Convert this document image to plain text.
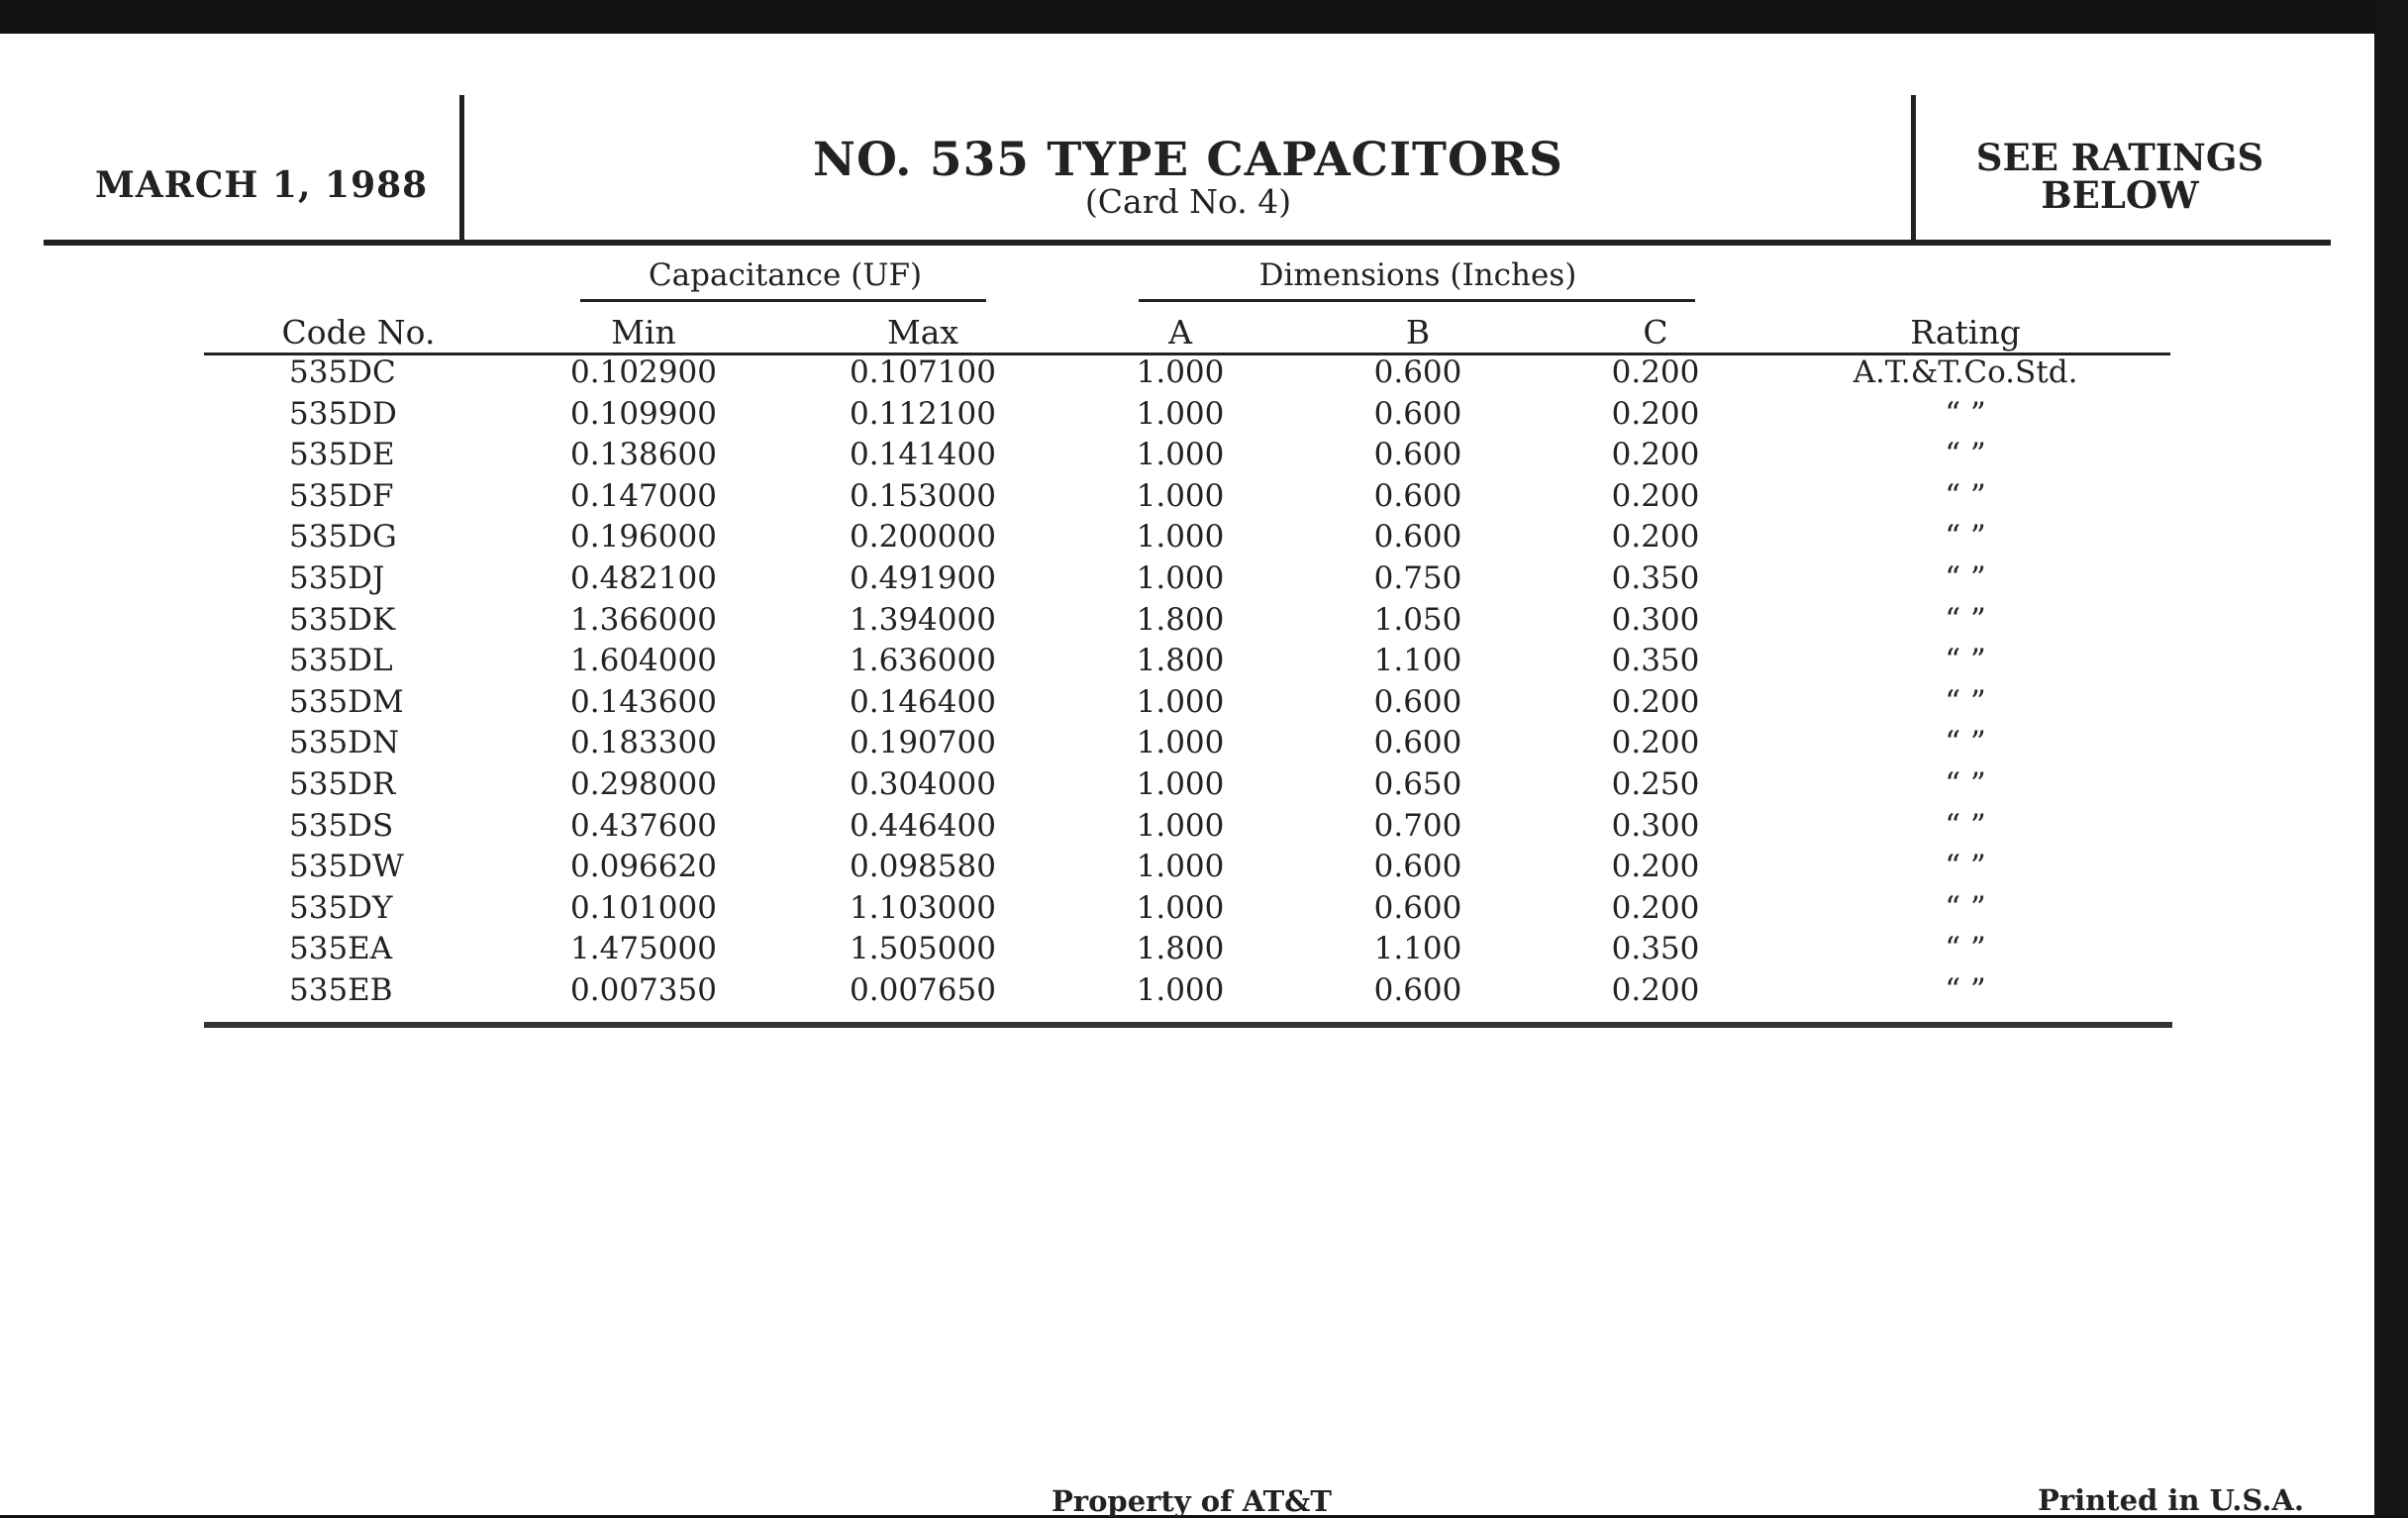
MARCH 1, 1988	NO. 535 TYPE CAPACITORS
(Card No. 4)
SEE RATINGS
BELOW
Capacitance (UF)	Dimensions (Inches)
Code No.	Min	Max	A	B	C	Rating
535DC	0.102900	0.107100	1.000	0.600	0.200	A.T.&T.Co.Std.
535DD	0.109900	0.112100	1.000	0.600	0.200	“ ”
535DE	0.138600	0.141400	1.000	0.600	0.200	“ ”
535DF	0.147000	0.153000	1.000	0.600	0.200	“ ”
535DG	0.196000	0.200000	1.000	0.600	0.200	“ ”
535DJ	0.482100	0.491900	1.000	0.750	0.350	“ ”
535DK	1.366000	1.394000	1.800	1.050	0.300	“ ”
535DL	1.604000	1.636000	1.800	1.100	0.350	“ ”
535DM	0.143600	0.146400	1.000	0.600	0.200	“ ”
535DN	0.183300	0.190700	1.000	0.600	0.200	“ ”
535DR	0.298000	0.304000	1.000	0.650	0.250	“ ”
535DS	0.437600	0.446400	1.000	0.700	0.300	“ ”
535DW	0.096620	0.098580	1.000	0.600	0.200	“ ”
535DY	0.101000	1.103000	1.000	0.600	0.200	“ ”
535EA	1.475000	1.505000	1.800	1.100	0.350	“ ”
535EB	0.007350	0.007650	1.000	0.600	0.200	“ ”
Property of AT&T	Printed in U.S.A.
